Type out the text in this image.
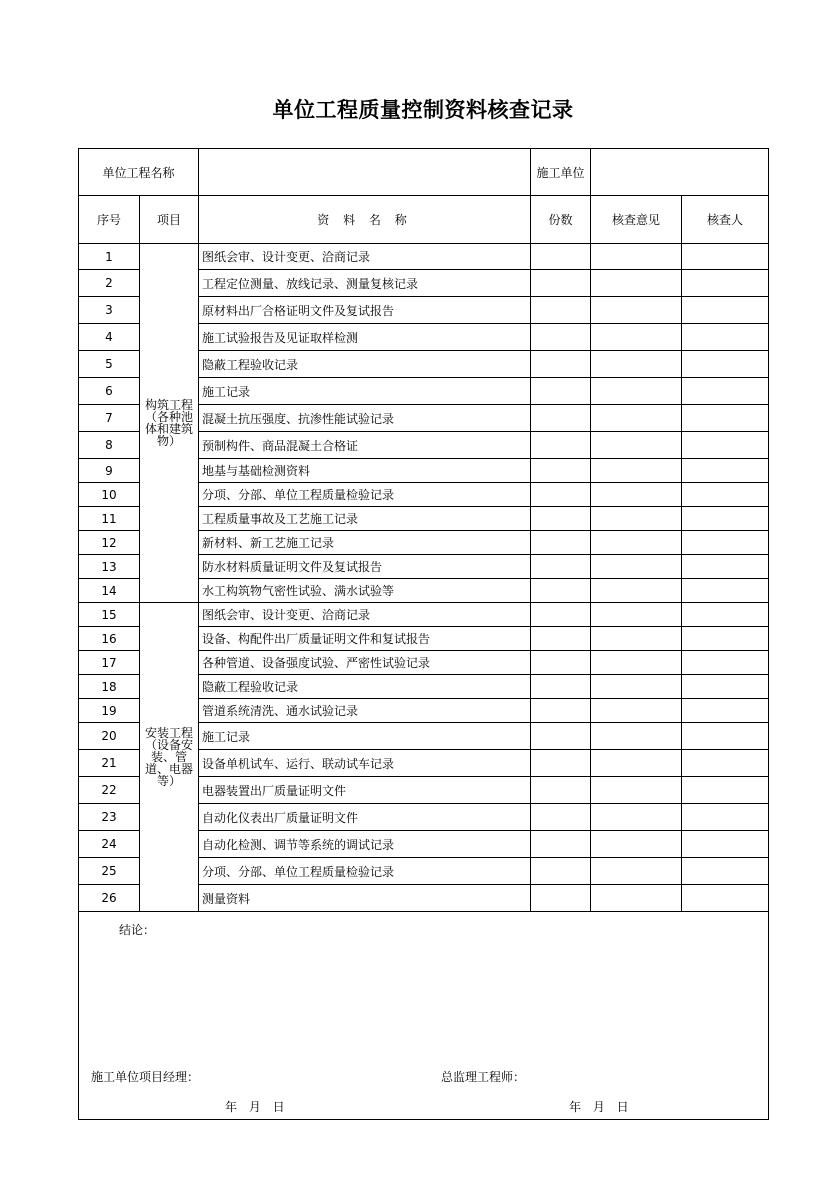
单位工程质量控制资料核查记录
单位工程名称			施工单位		
序号	项目	资 料 名 称	份数	核查意见	核查人
1	构筑工程（各种池体和建筑物）	图纸会审、设计变更、洽商记录			
2		工程定位测量、放线记录、测量复核记录			
3		原材料出厂合格证明文件及复试报告			
4		施工试验报告及见证取样检测			
5		隐蔽工程验收记录			
6		施工记录			
7		混凝土抗压强度、抗渗性能试验记录			
8		预制构件、商品混凝土合格证			
9		地基与基础检测资料			
10		分项、分部、单位工程质量检验记录			
11		工程质量事故及工艺施工记录			
12		新材料、新工艺施工记录			
13		防水材料质量证明文件及复试报告			
14		水工构筑物气密性试验、满水试验等			
15	安装工程（设备安装、管道、电器等）	图纸会审、设计变更、洽商记录			
16		设备、构配件出厂质量证明文件和复试报告			
17		各种管道、设备强度试验、严密性试验记录			
18		隐蔽工程验收记录			
19		管道系统清洗、通水试验记录			
20		施工记录			
21		设备单机试车、运行、联动试车记录			
22		电器装置出厂质量证明文件			
23		自动化仪表出厂质量证明文件			
24		自动化检测、调节等系统的调试记录			
25		分项、分部、单位工程质量检验记录			
26		测量资料			

结论：
施工单位项目经理： 总监理工程师：
年 月 日 年 月 日					
